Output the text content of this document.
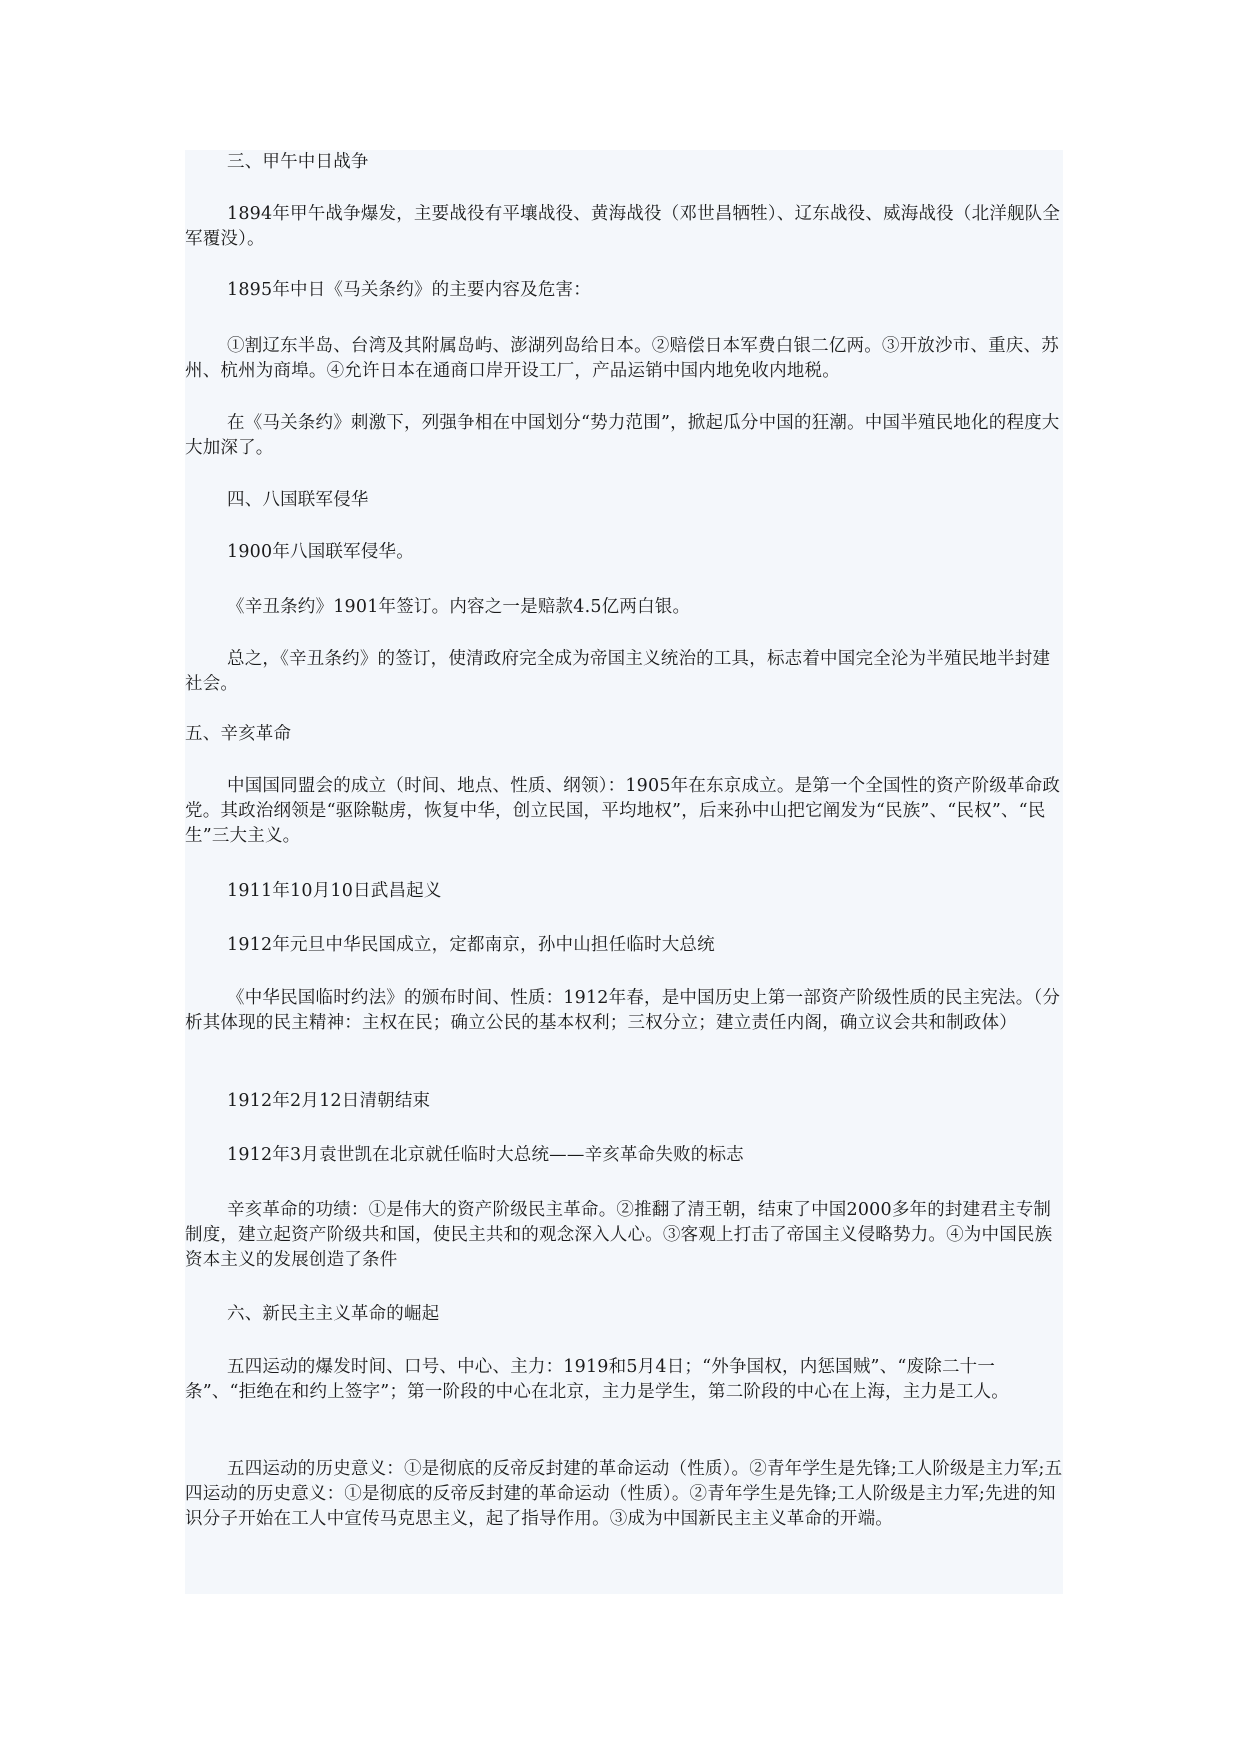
三、甲午中日战争

1894年甲午战争爆发，主要战役有平壤战役、黄海战役（邓世昌牺牲）、辽东战役、威海战役（北洋舰队全军覆没）。

1895年中日《马关条约》的主要内容及危害：

①割辽东半岛、台湾及其附属岛屿、澎湖列岛给日本。②赔偿日本军费白银二亿两。③开放沙市、重庆、苏州、杭州为商埠。④允许日本在通商口岸开设工厂，产品运销中国内地免收内地税。

在《马关条约》刺激下，列强争相在中国划分“势力范围”，掀起瓜分中国的狂潮。中国半殖民地化的程度大大加深了。

四、八国联军侵华

1900年八国联军侵华。

《辛丑条约》1901年签订。内容之一是赔款4.5亿两白银。

总之，《辛丑条约》的签订，使清政府完全成为帝国主义统治的工具，标志着中国完全沦为半殖民地半封建社会。

五、辛亥革命

中国国同盟会的成立（时间、地点、性质、纲领）：1905年在东京成立。是第一个全国性的资产阶级革命政党。其政治纲领是“驱除鞑虏，恢复中华，创立民国，平均地权”，后来孙中山把它阐发为“民族”、“民权”、“民生”三大主义。

1911年10月10日武昌起义

1912年元旦中华民国成立，定都南京，孙中山担任临时大总统

《中华民国临时约法》的颁布时间、性质：1912年春，是中国历史上第一部资产阶级性质的民主宪法。（分析其体现的民主精神：主权在民；确立公民的基本权利；三权分立；建立责任内阁，确立议会共和制政体）

1912年2月12日清朝结束

1912年3月袁世凯在北京就任临时大总统——辛亥革命失败的标志

辛亥革命的功绩：①是伟大的资产阶级民主革命。②推翻了清王朝，结束了中国2000多年的封建君主专制制度，建立起资产阶级共和国，使民主共和的观念深入人心。③客观上打击了帝国主义侵略势力。④为中国民族资本主义的发展创造了条件

六、新民主主义革命的崛起

五四运动的爆发时间、口号、中心、主力：1919和5月4日；“外争国权，内惩国贼”、“废除二十一条”、“拒绝在和约上签字”；第一阶段的中心在北京，主力是学生，第二阶段的中心在上海，主力是工人。

五四运动的历史意义：①是彻底的反帝反封建的革命运动（性质）。②青年学生是先锋;工人阶级是主力军;五四运动的历史意义：①是彻底的反帝反封建的革命运动（性质）。②青年学生是先锋;工人阶级是主力军;先进的知识分子开始在工人中宣传马克思主义，起了指导作用。③成为中国新民主主义革命的开端。
